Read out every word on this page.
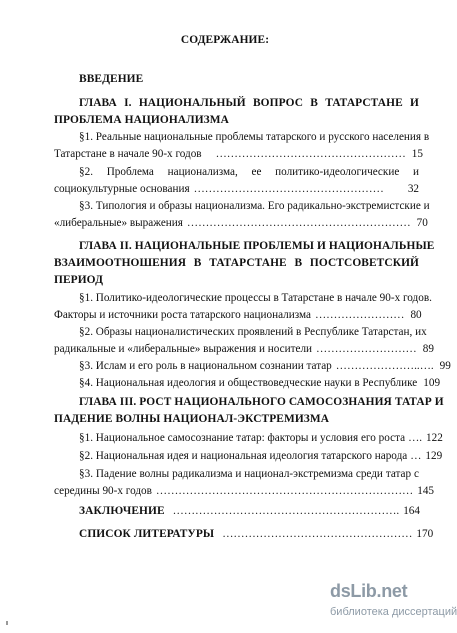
СОДЕРЖАНИЕ:
ВВЕДЕНИЕ
ГЛАВА I. НАЦИОНАЛЬНЫЙ ВОПРОС В ТАТАРСТАНЕ И
ПРОБЛЕМА НАЦИОНАЛИЗМА
§1. Реальные национальные проблемы татарского и русского населения в
Татарстане в начале 90-х годов	…………………………………………… 15
§2. Проблема национализма, ее политико-идеологические и
социокультурные основания ……………………………………………	32
§3. Типология и образы национализма. Его радикально-экстремистские и
«либеральные» выражения …………………………………………………… 70
ГЛАВА II. НАЦИОНАЛЬНЫЕ ПРОБЛЕМЫ И НАЦИОНАЛЬНЫЕ
ВЗАИМООТНОШЕНИЯ В ТАТАРСТАНЕ В ПОСТСОВЕТСКИЙ
ПЕРИОД
§1. Политико-идеологические процессы в Татарстане в начале 90-х годов.
Факторы и источники роста татарского национализма …………………… 80
§2. Образы националистических проявлений в Республике Татарстан, их
радикальные и «либеральные» выражения и носители ……………………… 89
§3. Ислам и его роль в национальном сознании татар …………………..…. 99
§4. Национальная идеология и обществоведческие науки в Республике 109
ГЛАВА III. РОСТ НАЦИОНАЛЬНОГО САМОСОЗНАНИЯ ТАТАР И
ПАДЕНИЕ ВОЛНЫ НАЦИОНАЛ-ЭКСТРЕМИЗМА
§1. Национальное самосознание татар: факторы и условия его роста …. 122
§2. Национальная идея и национальная идеология татарского народа … 129
§3. Падение волны радикализма и национал-экстремизма среди татар с
середины 90-х годов …………………………………………………………… 145
ЗАКЛЮЧЕНИЕ ……………………………………………………. 164
СПИСОК ЛИТЕРАТУРЫ …………………………………………… 170
dsLib.net
библиотека диссертаций
